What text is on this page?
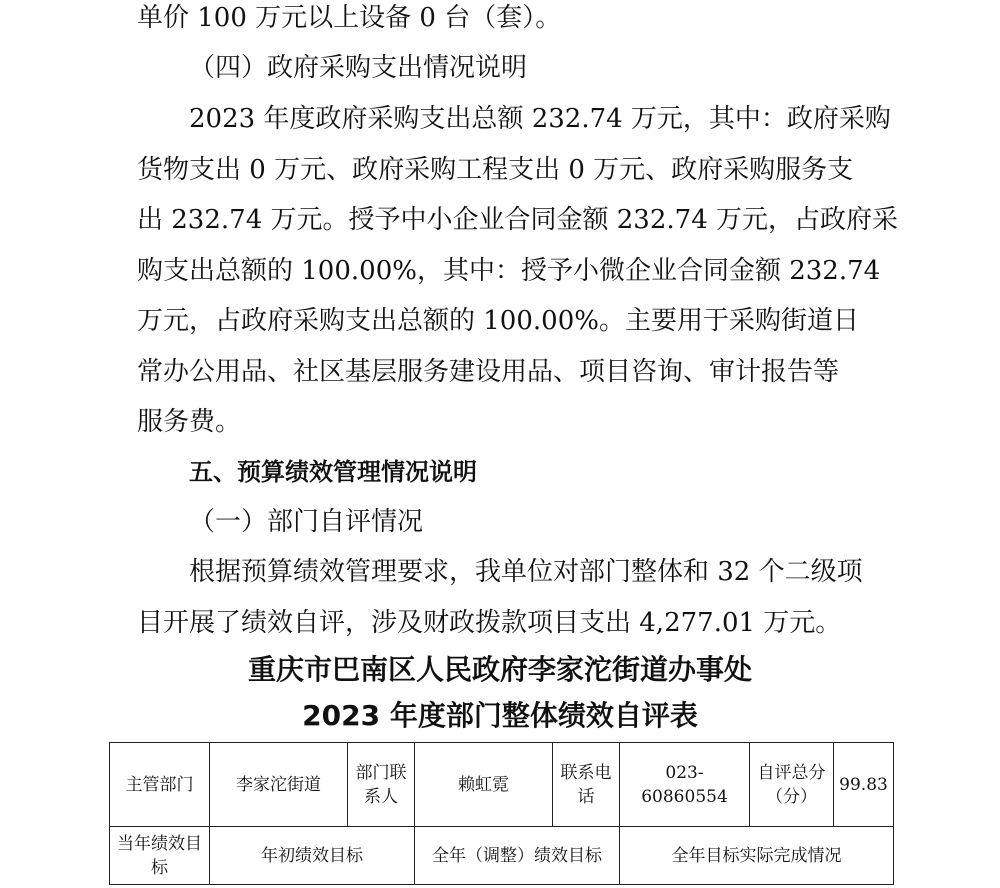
单价 100 万元以上设备 0 台（套）。

（四）政府采购支出情况说明

2023 年度政府采购支出总额 232.74 万元，其中：政府采购
货物支出 0 万元、政府采购工程支出 0 万元、政府采购服务支
出 232.74 万元。授予中小企业合同金额 232.74 万元，占政府采
购支出总额的 100.00%，其中：授予小微企业合同金额 232.74
万元，占政府采购支出总额的 100.00%。主要用于采购街道日
常办公用品、社区基层服务建设用品、项目咨询、审计报告等
服务费。

五、预算绩效管理情况说明

（一）部门自评情况

根据预算绩效管理要求，我单位对部门整体和 32 个二级项
目开展了绩效自评，涉及财政拨款项目支出 4,277.01 万元。

重庆市巴南区人民政府李家沱街道办事处
2023 年度部门整体绩效自评表
主管部门	李家沱街道	部门联系人	赖虹霓	联系电话	023-60860554	自评总分（分）	99.83
当年绩效目标	年初绩效目标		全年（调整）绩效目标		全年目标实际完成情况		
